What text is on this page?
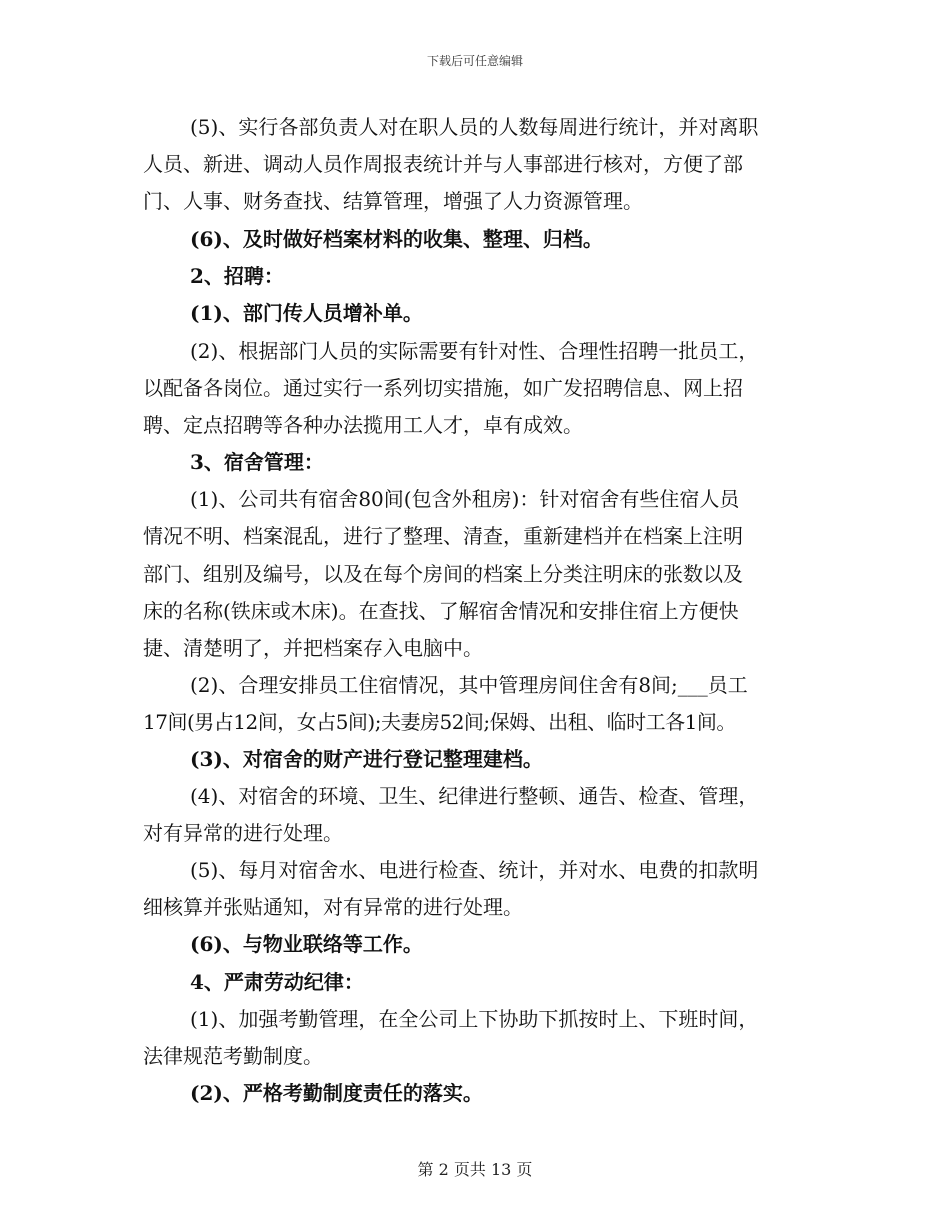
下载后可任意编辑
(5)、实行各部负责人对在职人员的人数每周进行统计，并对离职
人员、新进、调动人员作周报表统计并与人事部进行核对，方便了部
门、人事、财务查找、结算管理，增强了人力资源管理。
(6)、及时做好档案材料的收集、整理、归档。
2、招聘：
(1)、部门传人员增补单。
(2)、根据部门人员的实际需要有针对性、合理性招聘一批员工，
以配备各岗位。通过实行一系列切实措施，如广发招聘信息、网上招
聘、定点招聘等各种办法揽用工人才，卓有成效。
3、宿舍管理：
(1)、公司共有宿舍80间(包含外租房)：针对宿舍有些住宿人员
情况不明、档案混乱，进行了整理、清查，重新建档并在档案上注明
部门、组别及编号，以及在每个房间的档案上分类注明床的张数以及
床的名称(铁床或木床)。在查找、了解宿舍情况和安排住宿上方便快
捷、清楚明了，并把档案存入电脑中。
(2)、合理安排员工住宿情况，其中管理房间住舍有8间;___员工
17间(男占12间，女占5间);夫妻房52间;保姆、出租、临时工各1间。
(3)、对宿舍的财产进行登记整理建档。
(4)、对宿舍的环境、卫生、纪律进行整顿、通告、检查、管理，
对有异常的进行处理。
(5)、每月对宿舍水、电进行检查、统计，并对水、电费的扣款明
细核算并张贴通知，对有异常的进行处理。
(6)、与物业联络等工作。
4、严肃劳动纪律：
(1)、加强考勤管理，在全公司上下协助下抓按时上、下班时间，
法律规范考勤制度。
(2)、严格考勤制度责任的落实。
第 2 页共 13 页
